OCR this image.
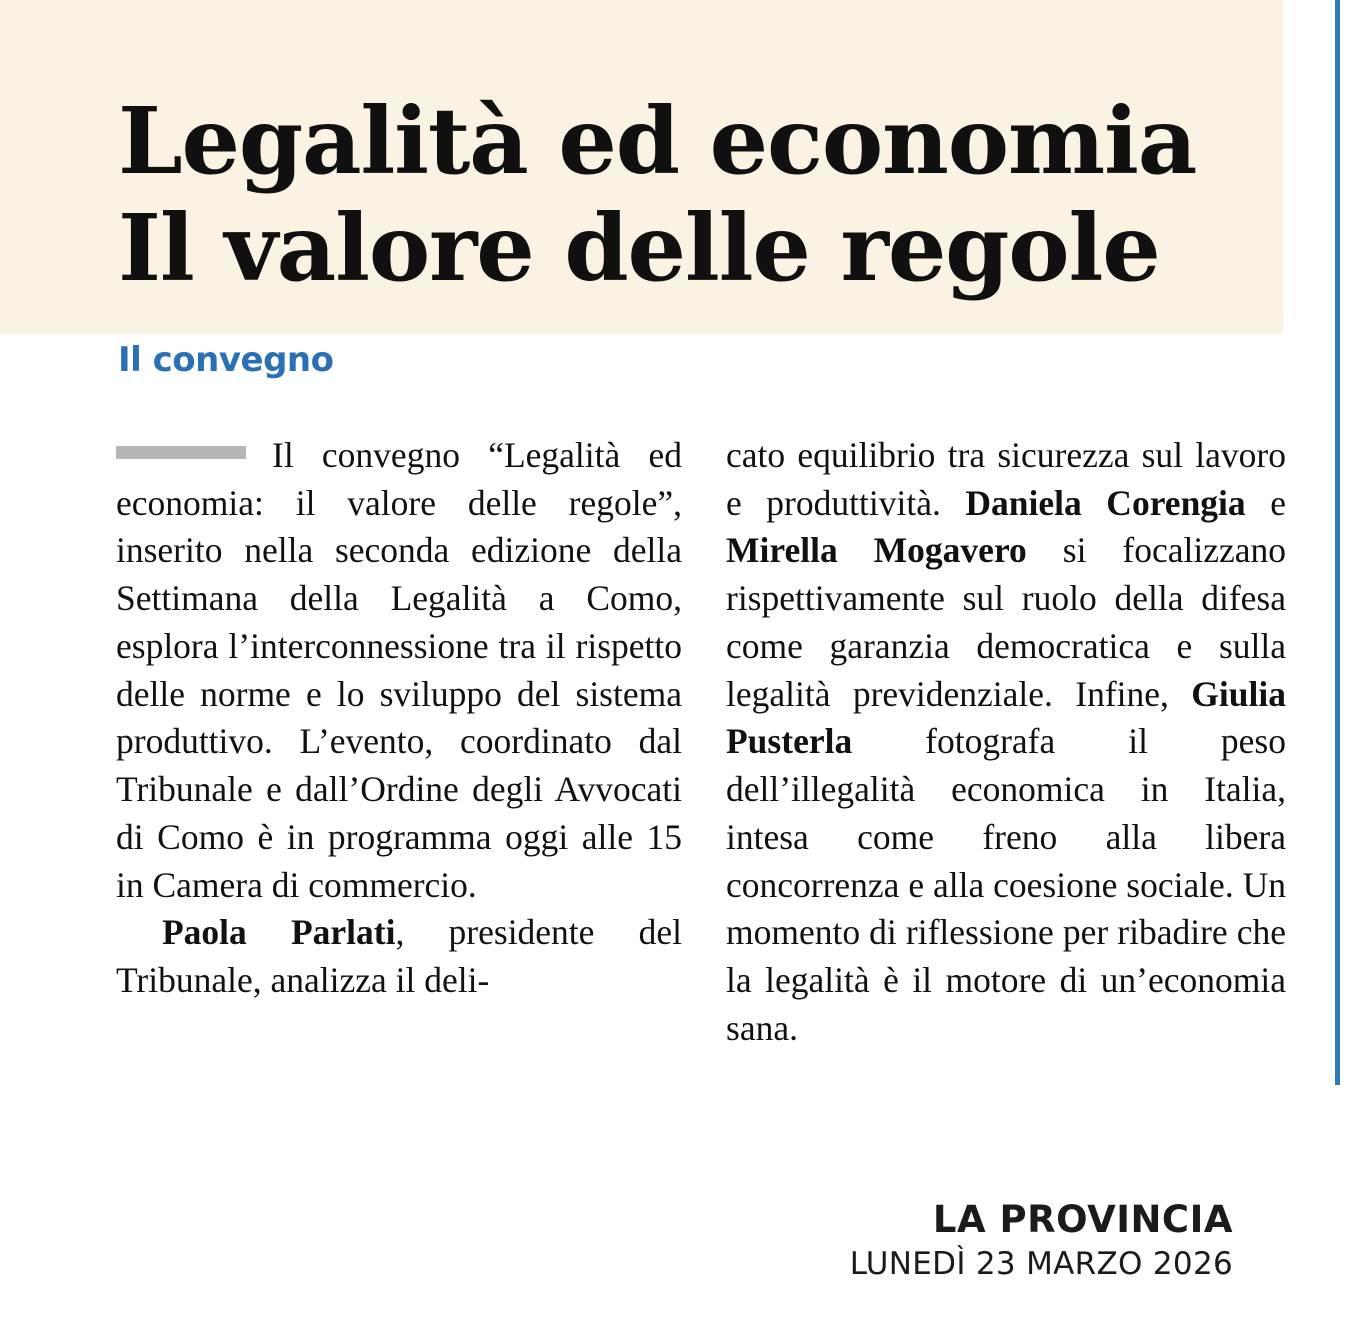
Legalità ed economia
Il valore delle regole
Il convegno

Il convegno “Legalità ed economia: il valore delle regole”, inserito nella seconda edizione della Settimana della Legalità a Como, esplora l’interconnessione tra il rispetto delle norme e lo sviluppo del sistema produttivo. L’evento, coordinato dal Tribunale e dall’Ordine degli Avvocati di Como è in programma oggi alle 15 in Camera di commercio.

Paola Parlati, presidente del Tribunale, analizza il deli-

cato equilibrio tra sicurezza sul lavoro e produttività. Daniela Corengia e Mirella Mogavero si focalizzano rispettivamente sul ruolo della difesa come garanzia democratica e sulla legalità previdenziale. Infine, Giulia Pusterla fotografa il peso dell’illegalità economica in Italia, intesa come freno alla libera concorrenza e alla coesione sociale. Un momento di riflessione per ribadire che la legalità è il motore di un’economia sana.

LA PROVINCIA
LUNEDÌ 23 MARZO 2026
